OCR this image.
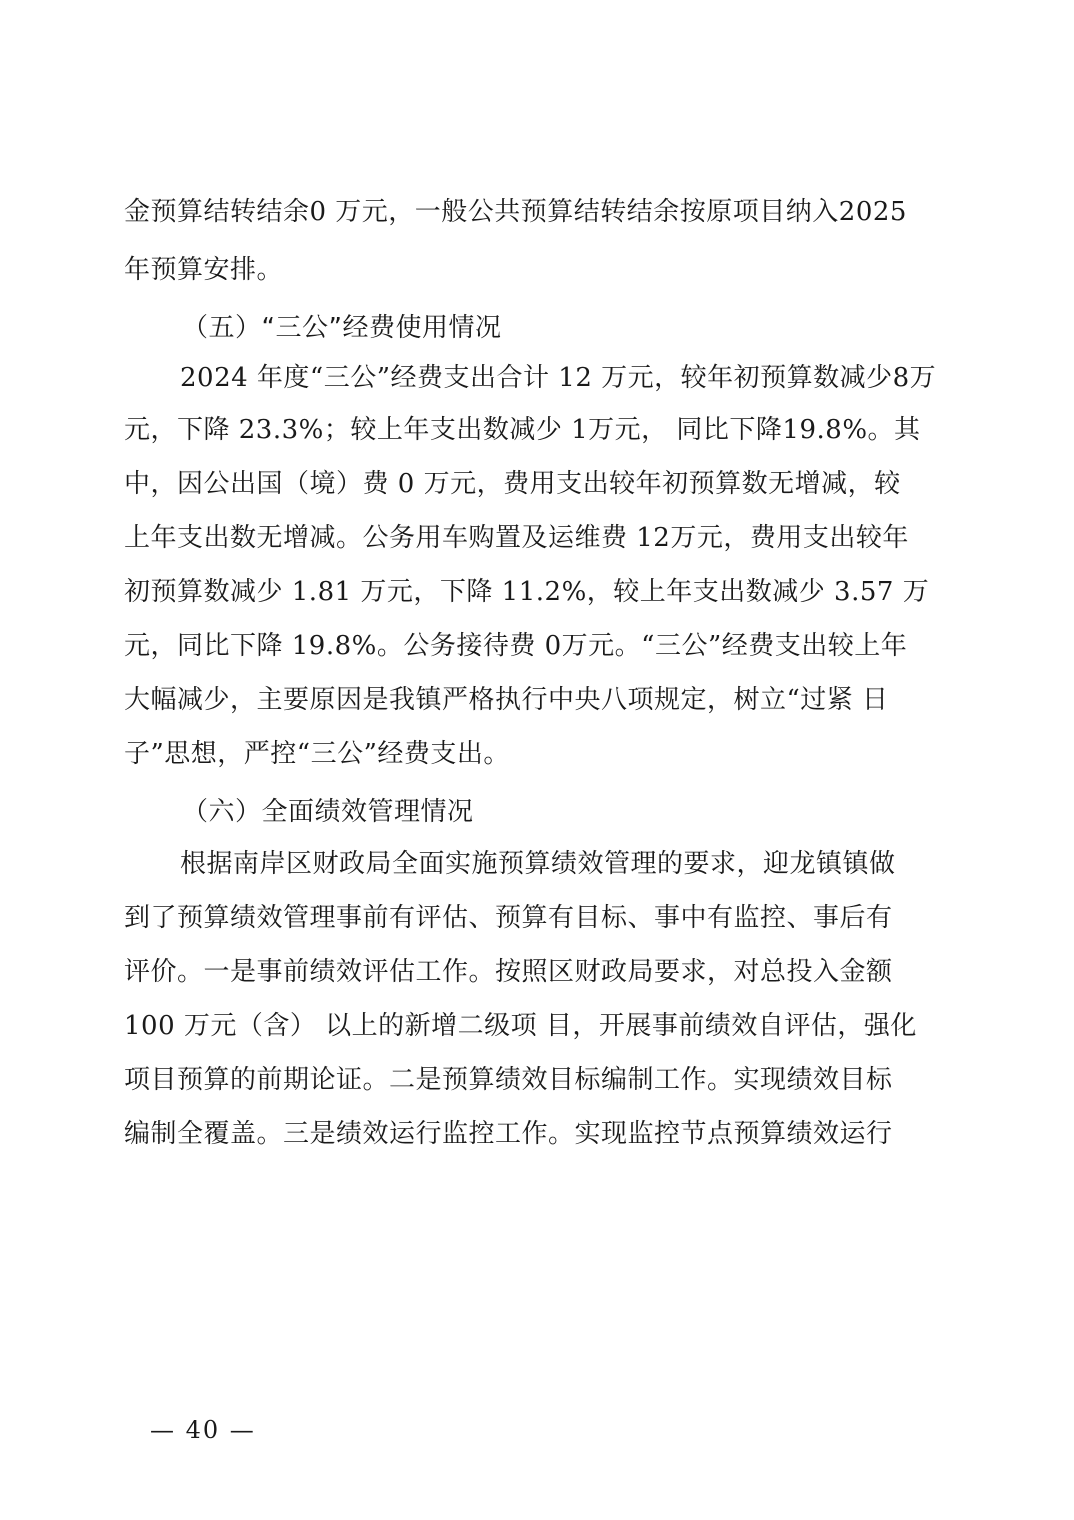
金预算结转结余0 万元，一般公共预算结转结余按原项目纳入2025
年预算安排。
（五）“三公”经费使用情况
2024 年度“三公”经费支出合计 12 万元，较年初预算数减少8万
元，下降 23.3%；较上年支出数减少 1万元， 同比下降19.8%。其
中，因公出国（境）费 0 万元，费用支出较年初预算数无增减，较
上年支出数无增减。公务用车购置及运维费 12万元，费用支出较年
初预算数减少 1.81 万元，下降 11.2%，较上年支出数减少 3.57 万
元，同比下降 19.8%。公务接待费 0万元。“三公”经费支出较上年
大幅减少，主要原因是我镇严格执行中央八项规定，树立“过紧 日
子”思想，严控“三公”经费支出。
（六）全面绩效管理情况
根据南岸区财政局全面实施预算绩效管理的要求，迎龙镇镇做
到了预算绩效管理事前有评估、预算有目标、事中有监控、事后有
评价。一是事前绩效评估工作。按照区财政局要求，对总投入金额
100 万元（含） 以上的新增二级项 目，开展事前绩效自评估，强化
项目预算的前期论证。二是预算绩效目标编制工作。实现绩效目标
编制全覆盖。三是绩效运行监控工作。实现监控节点预算绩效运行
— 40 —
